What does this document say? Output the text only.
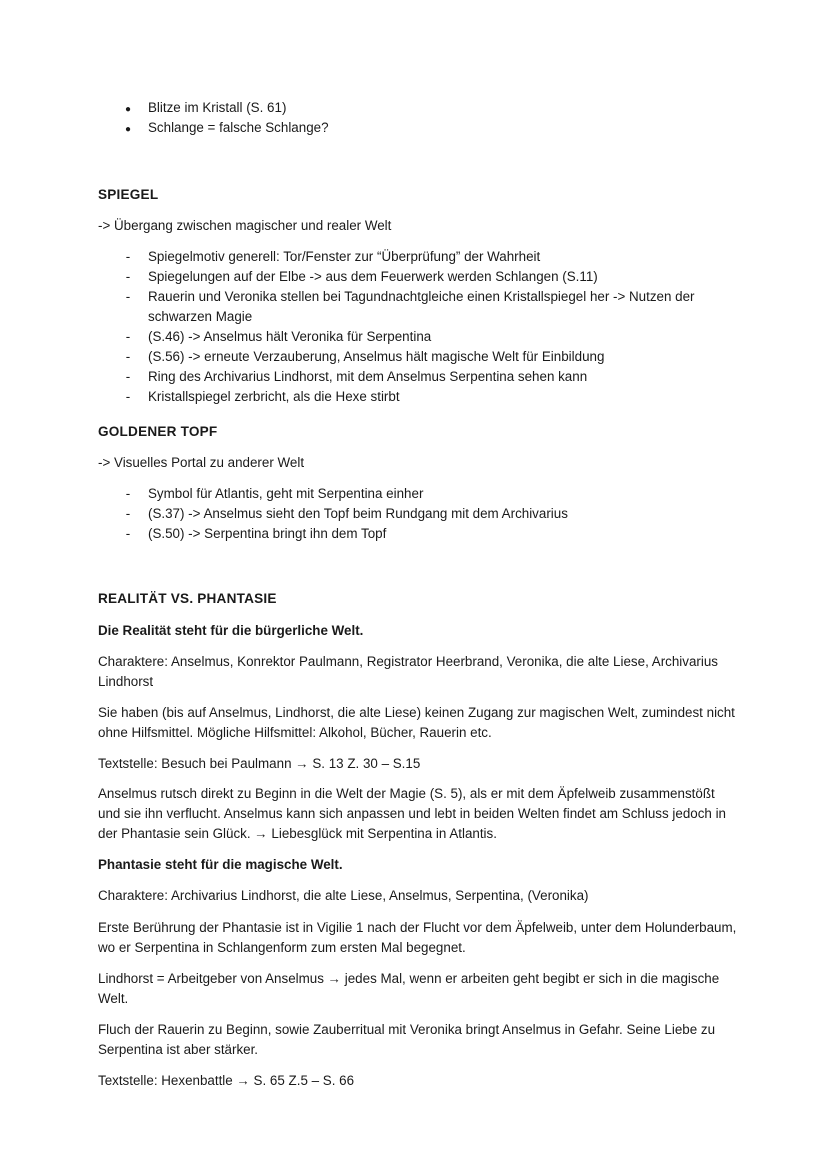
●
Blitze im Kristall (S. 61)
●
Schlange = falsche Schlange?
SPIEGEL
-> Übergang zwischen magischer und realer Welt
-
Spiegelmotiv generell: Tor/Fenster zur “Überprüfung” der Wahrheit
-
Spiegelungen auf der Elbe -> aus dem Feuerwerk werden Schlangen (S.11)
-
Rauerin und Veronika stellen bei Tagundnachtgleiche einen Kristallspiegel her -> Nutzen der schwarzen Magie
-
(S.46) -> Anselmus hält Veronika für Serpentina
-
(S.56) -> erneute Verzauberung, Anselmus hält magische Welt für Einbildung
-
Ring des Archivarius Lindhorst, mit dem Anselmus Serpentina sehen kann
-
Kristallspiegel zerbricht, als die Hexe stirbt
GOLDENER TOPF
-> Visuelles Portal zu anderer Welt
-
Symbol für Atlantis, geht mit Serpentina einher
-
(S.37) -> Anselmus sieht den Topf beim Rundgang mit dem Archivarius
-
(S.50) -> Serpentina bringt ihn dem Topf
REALITÄT VS. PHANTASIE
Die Realität steht für die bürgerliche Welt.
Charaktere: Anselmus, Konrektor Paulmann, Registrator Heerbrand, Veronika, die alte Liese, Archivarius Lindhorst
Sie haben (bis auf Anselmus, Lindhorst, die alte Liese) keinen Zugang zur magischen Welt, zumindest nicht ohne Hilfsmittel. Mögliche Hilfsmittel: Alkohol, Bücher, Rauerin etc.
Textstelle: Besuch bei Paulmann → S. 13 Z. 30 – S.15
Anselmus rutsch direkt zu Beginn in die Welt der Magie (S. 5), als er mit dem Äpfelweib zusammenstößt und sie ihn verflucht. Anselmus kann sich anpassen und lebt in beiden Welten findet am Schluss jedoch in der Phantasie sein Glück. → Liebesglück mit Serpentina in Atlantis.
Phantasie steht für die magische Welt.
Charaktere: Archivarius Lindhorst, die alte Liese, Anselmus, Serpentina, (Veronika)
Erste Berührung der Phantasie ist in Vigilie 1 nach der Flucht vor dem Äpfelweib, unter dem Holunderbaum, wo er Serpentina in Schlangenform zum ersten Mal begegnet.
Lindhorst = Arbeitgeber von Anselmus → jedes Mal, wenn er arbeiten geht begibt er sich in die magische Welt.
Fluch der Rauerin zu Beginn, sowie Zauberritual mit Veronika bringt Anselmus in Gefahr. Seine Liebe zu Serpentina ist aber stärker.
Textstelle: Hexenbattle → S. 65 Z.5 – S. 66
